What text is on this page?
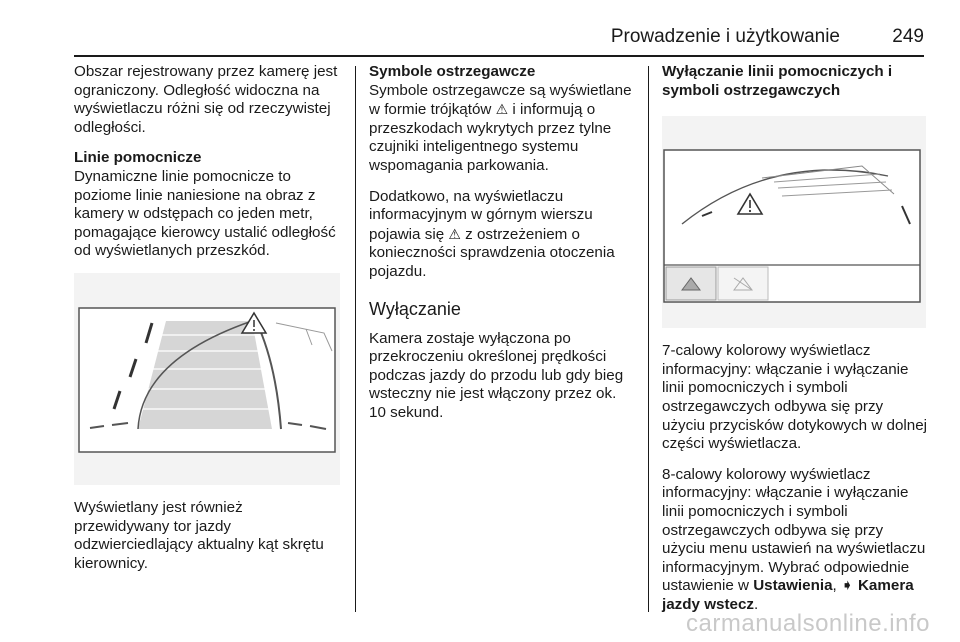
Prowadzenie i użytkowanie	249

Obszar rejestrowany przez kamerę jest ograniczony. Odległość widoczna na wyświetlaczu różni się od rzeczywistej odległości.

Linie pomocnicze

Dynamiczne linie pomocnicze to poziome linie naniesione na obraz z kamery w odstępach co jeden metr, pomagające kierowcy ustalić odległość od wyświetlanych przeszkód.

Wyświetlany jest również przewidywany tor jazdy odzwierciedlający aktualny kąt skrętu kierownicy.

Symbole ostrzegawcze

Symbole ostrzegawcze są wyświetlane w formie trójkątów ⚠ i informują o przeszkodach wykrytych przez tylne czujniki inteligentnego systemu wspomagania parkowania.

Dodatkowo, na wyświetlaczu informacyjnym w górnym wierszu pojawia się ⚠ z ostrzeżeniem o konieczności sprawdzenia otoczenia pojazdu.

Wyłączanie

Kamera zostaje wyłączona po przekroczeniu określonej prędkości podczas jazdy do przodu lub gdy bieg wsteczny nie jest włączony przez ok. 10 sekund.

Wyłączanie linii pomocniczych i symboli ostrzegawczych

7-calowy kolorowy wyświetlacz informacyjny: włączanie i wyłączanie linii pomocniczych i symboli ostrzegawczych odbywa się przy użyciu przycisków dotykowych w dolnej części wyświetlacza.

8-calowy kolorowy wyświetlacz informacyjny: włączanie i wyłączanie linii pomocniczych i symboli ostrzegawczych odbywa się przy użyciu menu ustawień na wyświetlaczu informacyjnym. Wybrać odpowiednie ustawienie w Ustawienia, ➧ Kamera jazdy wstecz.

carmanualsonline.info
